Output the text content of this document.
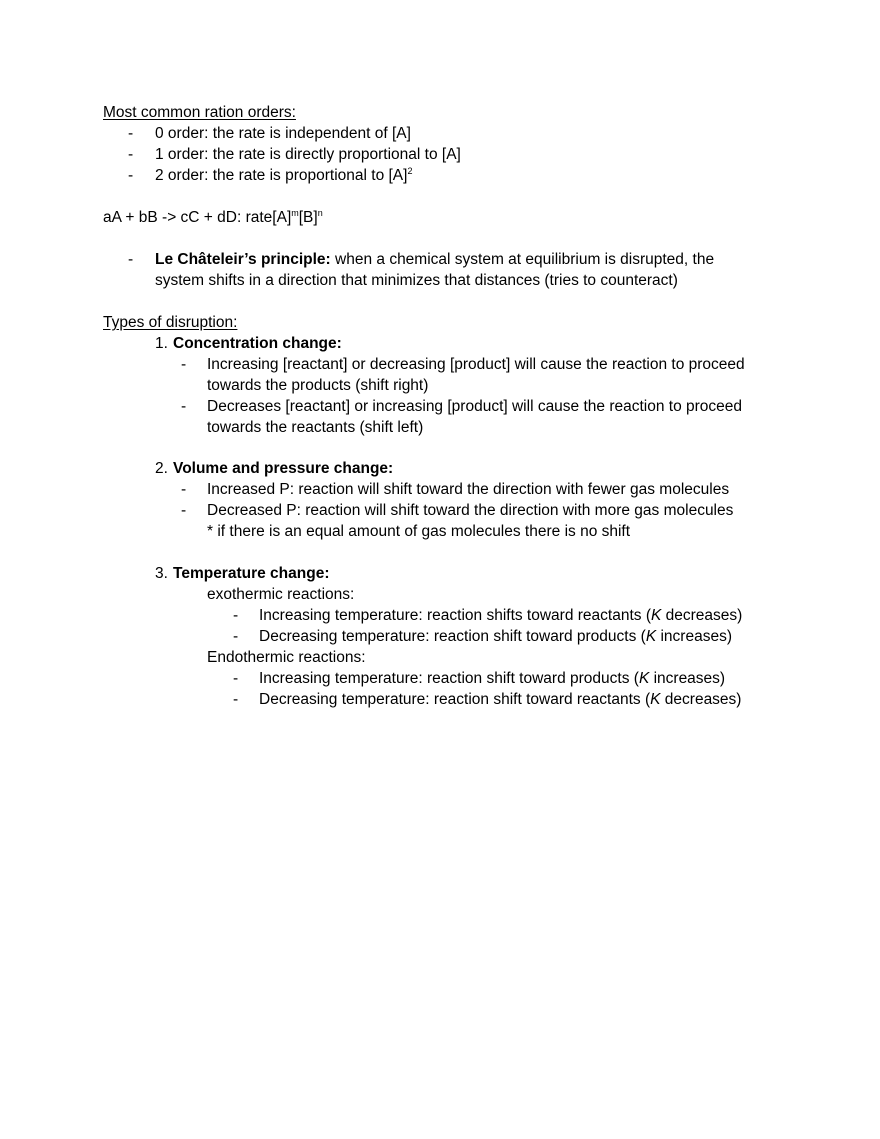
Most common ration orders:
- 0 order: the rate is independent of [A]
- 1 order: the rate is directly proportional to [A]
- 2 order: the rate is proportional to $[A]^2$
aA + bB -> cC + dD: $rate[A]^m[B]^n$
- Le Châteleir’s principle: when a chemical system at equilibrium is disrupted, the
system shifts in a direction that minimizes that distances (tries to counteract)
Types of disruption:
1. Concentration change:
- Increasing [reactant] or decreasing [product] will cause the reaction to proceed
towards the products (shift right)
- Decreases [reactant] or increasing [product] will cause the reaction to proceed
towards the reactants (shift left)
2. Volume and pressure change:
- Increased P: reaction will shift toward the direction with fewer gas molecules
- Decreased P: reaction will shift toward the direction with more gas molecules
* if there is an equal amount of gas molecules there is no shift
3. Temperature change:
exothermic reactions:
- Increasing temperature: reaction shifts toward reactants (K decreases)
- Decreasing temperature: reaction shift toward products (K increases)
Endothermic reactions:
- Increasing temperature: reaction shift toward products (K increases)
- Decreasing temperature: reaction shift toward reactants (K decreases)
